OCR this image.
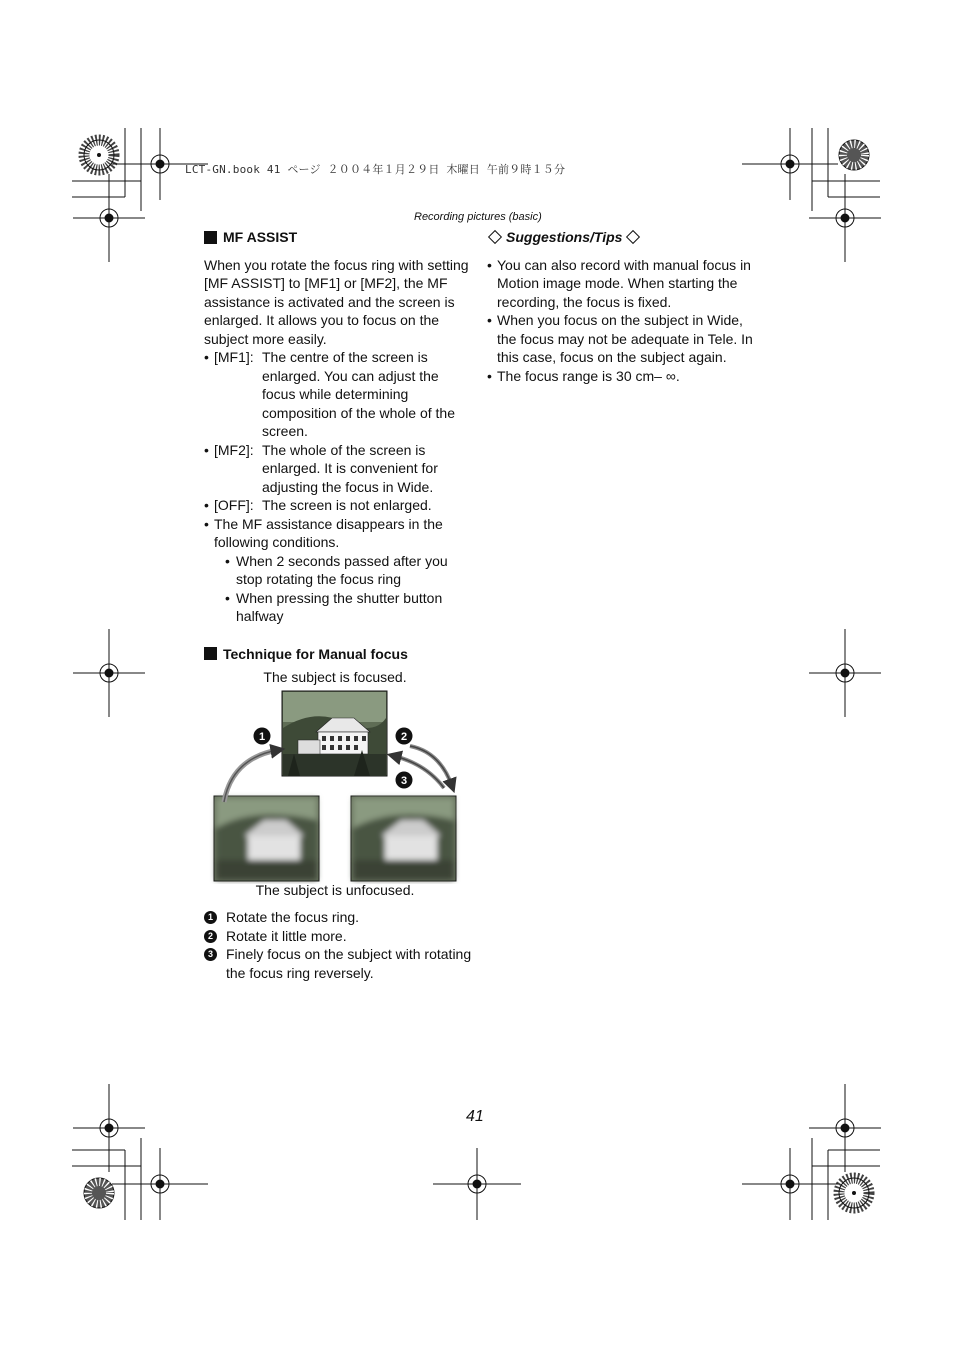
LCT-GN.book 41 ページ ２００４年１月２９日 木曜日 午前９時１５分
Recording pictures (basic)
MF ASSIST

When you rotate the focus ring with setting [MF ASSIST] to [MF1] or [MF2], the MF assistance is activated and the screen is enlarged. It allows you to focus on the subject more easily.

• [MF1]: The centre of the screen is enlarged. You can adjust the focus while determining composition of the whole of the screen.
• [MF2]: The whole of the screen is enlarged. It is convenient for adjusting the focus in Wide.
• [OFF]: The screen is not enlarged.
• The MF assistance disappears in the following conditions.
• When 2 seconds passed after you stop rotating the focus ring
• When pressing the shutter button halfway
Technique for Manual focus
The subject is focused.
1	2
3
The subject is unfocused.
1 Rotate the focus ring.
2 Rotate it little more.
3 Finely focus on the subject with rotating the focus ring reversely.
Suggestions/Tips
• You can also record with manual focus in Motion image mode. When starting the recording, the focus is fixed.
• When you focus on the subject in Wide, the focus may not be adequate in Tele. In this case, focus on the subject again.
• The focus range is 30 cm– ∞.
41
